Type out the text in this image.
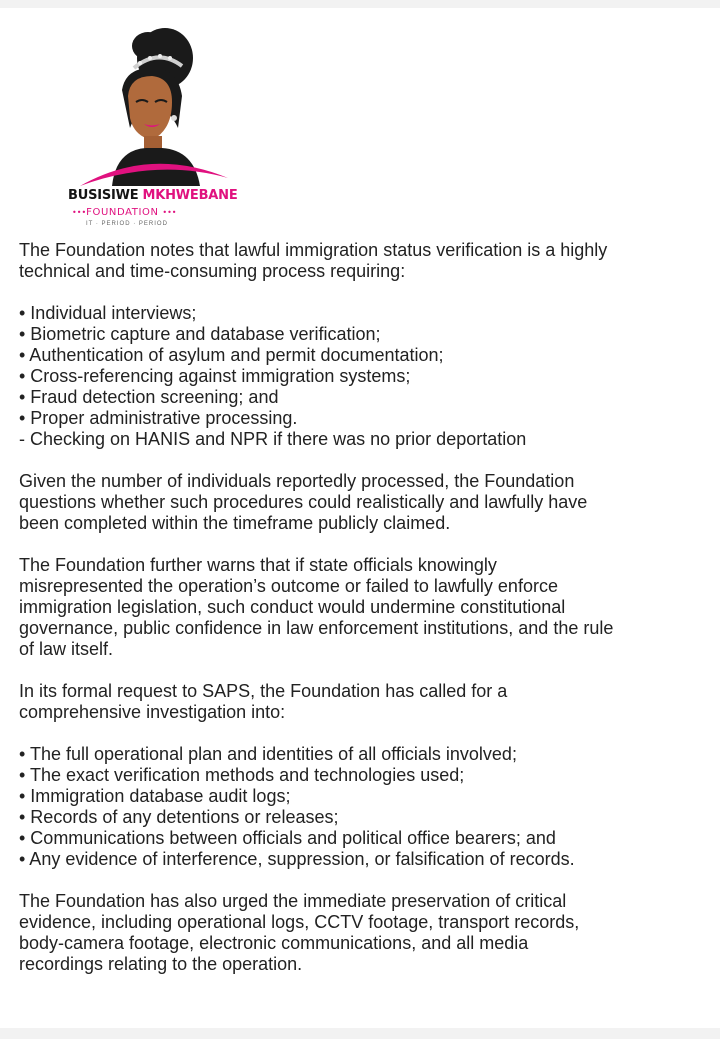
BUSISIWE MKHWEBANE
•••FOUNDATION •••
IT · PERIOD · PERIOD

The Foundation notes that lawful immigration status verification is a highly

technical and time-consuming process requiring:

• Individual interviews;

• Biometric capture and database verification;

• Authentication of asylum and permit documentation;

• Cross-referencing against immigration systems;

• Fraud detection screening; and

• Proper administrative processing.

- Checking on HANIS and NPR if there was no prior deportation

Given the number of individuals reportedly processed, the Foundation

questions whether such procedures could realistically and lawfully have

been completed within the timeframe publicly claimed.

The Foundation further warns that if state officials knowingly

misrepresented the operation’s outcome or failed to lawfully enforce

immigration legislation, such conduct would undermine constitutional

governance, public confidence in law enforcement institutions, and the rule

of law itself.

In its formal request to SAPS, the Foundation has called for a

comprehensive investigation into:

• The full operational plan and identities of all officials involved;

• The exact verification methods and technologies used;

• Immigration database audit logs;

• Records of any detentions or releases;

• Communications between officials and political office bearers; and

• Any evidence of interference, suppression, or falsification of records.

The Foundation has also urged the immediate preservation of critical

evidence, including operational logs, CCTV footage, transport records,

body-camera footage, electronic communications, and all media

recordings relating to the operation.
